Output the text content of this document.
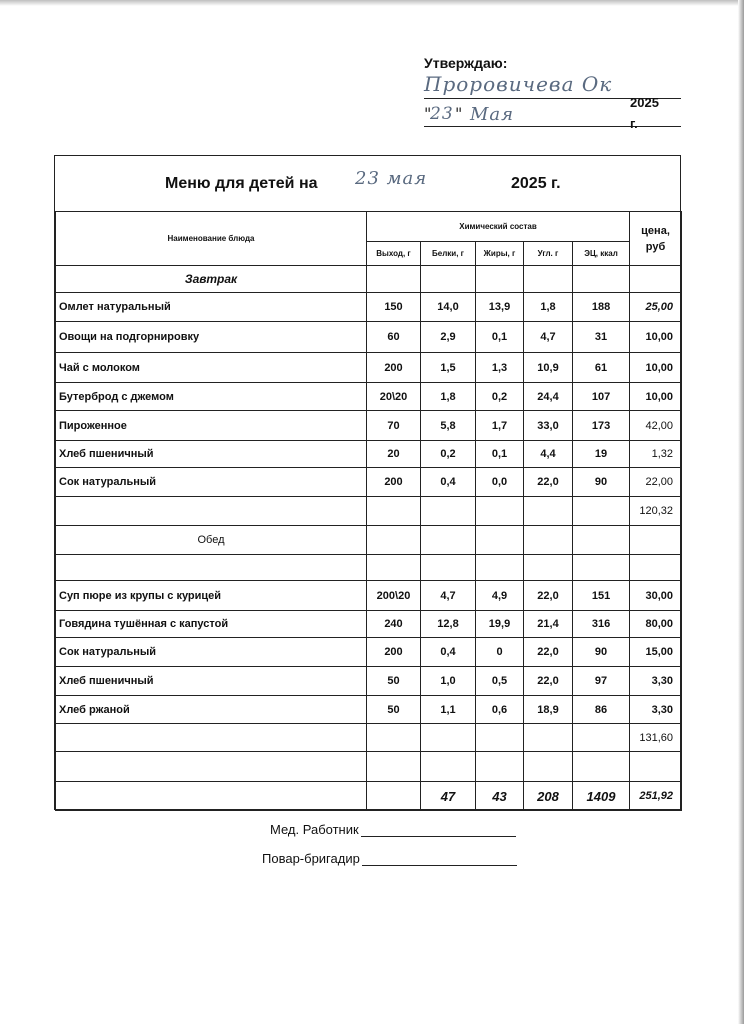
Утверждаю:
Проровичева Ок
"
23 " Мая
2025
г.
Меню для детей на 23 мая	2025 г.
Наименование блюда	Химический состав					цена, руб
	Выход, г	Белки, г	Жиры, г	Угл. г	ЭЦ, ккал	
Завтрак						
Омлет натуральный	150	14,0	13,9	1,8	188	25,00
Овощи на подгорнировку	60	2,9	0,1	4,7	31	10,00
Чай с молоком	200	1,5	1,3	10,9	61	10,00
Бутерброд с джемом	20\20	1,8	0,2	24,4	107	10,00
Пироженное	70	5,8	1,7	33,0	173	42,00
Хлеб пшеничный	20	0,2	0,1	4,4	19	1,32
Сок натуральный	200	0,4	0,0	22,0	90	22,00
						120,32
Обед						

Суп пюре из крупы с курицей	200\20	4,7	4,9	22,0	151	30,00
Говядина тушённая с капустой	240	12,8	19,9	21,4	316	80,00
Сок натуральный	200	0,4	0	22,0	90	15,00
Хлеб пшеничный	50	1,0	0,5	22,0	97	3,30
Хлеб ржаной	50	1,1	0,6	18,9	86	3,30
						131,60

		47	43	208	1409	251,92
Мед. Работник
Повар-бригадир
